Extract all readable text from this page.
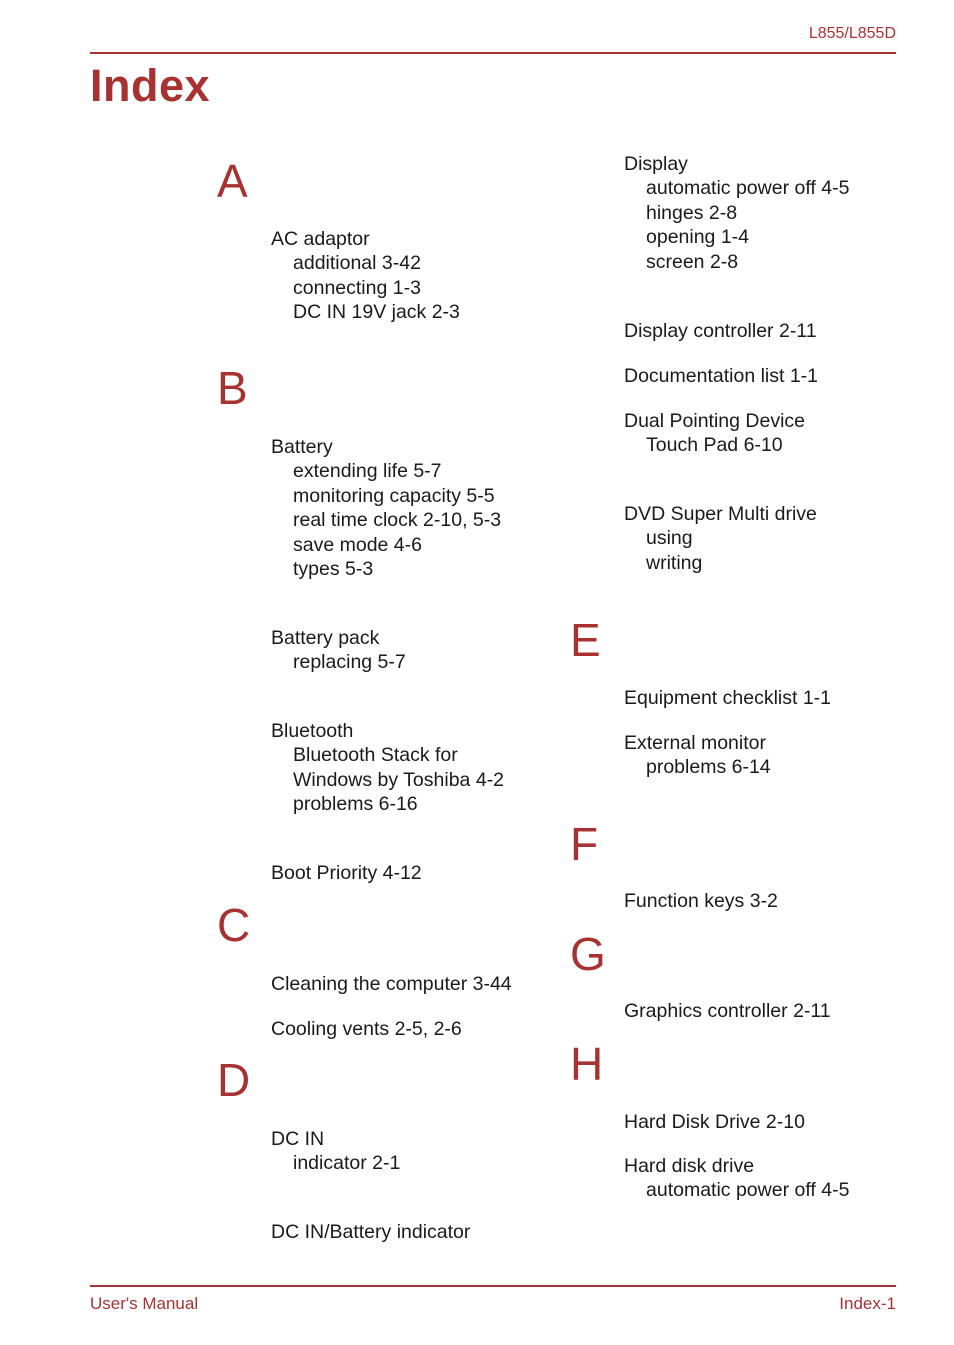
L855/L855D
Index
A
AC adaptor
additional 3-42
connecting 1-3
DC IN 19V jack 2-3
B
Battery
extending life 5-7
monitoring capacity 5-5
real time clock 2-10, 5-3
save mode 4-6
types 5-3
Battery pack
replacing 5-7
Bluetooth
Bluetooth Stack for
Windows by Toshiba 4-2
problems 6-16
Boot Priority 4-12
C
Cleaning the computer 3-44
Cooling vents 2-5, 2-6
D
DC IN
indicator 2-1
DC IN/Battery indicator
Display
automatic power off 4-5
hinges 2-8
opening 1-4
screen 2-8
Display controller 2-11
Documentation list 1-1
Dual Pointing Device
Touch Pad 6-10
DVD Super Multi drive
using
writing
E
Equipment checklist 1-1
External monitor
problems 6-14
F
Function keys 3-2
G
Graphics controller 2-11
H
Hard Disk Drive 2-10
Hard disk drive
automatic power off 4-5
User's Manual	Index-1
